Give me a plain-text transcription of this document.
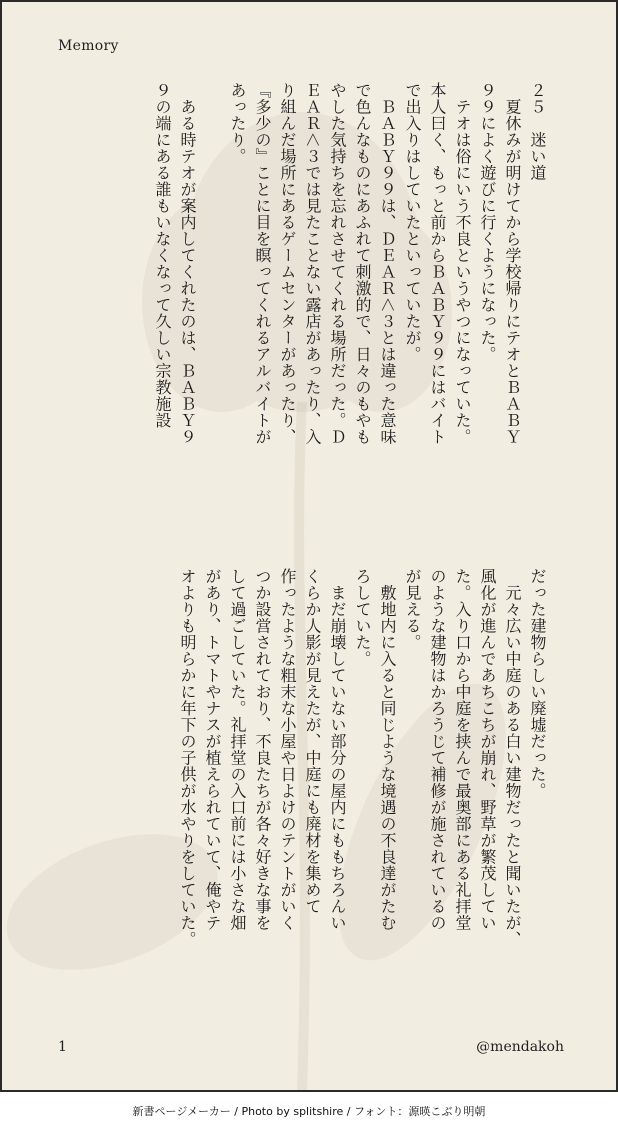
Memory
２５　迷い道
　夏休みが明けてから学校帰りにテオとＢＡＢＹ
９９によく遊びに行くようになった。
　テオは俗にいう不良というやつになっていた。
本人曰く、もっと前からＢＡＢＹ９９にはバイト
で出入りはしていたといっていたが。
　ＢＡＢＹ９９は、ＤＥＡＲ＜３とは違った意味
で色んなものにあふれて刺激的で、日々のもやも
やした気持ちを忘れさせてくれる場所だった。Ｄ
ＥＡＲ＜３では見たことない露店があったり、入
り組んだ場所にあるゲームセンターがあったり、
『多少の』ことに目を瞑ってくれるアルバイトが
あったり。

　ある時テオが案内してくれたのは、ＢＡＢＹ９
９の端にある誰もいなくなって久しい宗教施設
だった建物らしい廃墟だった。
　元々広い中庭のある白い建物だったと聞いたが、
風化が進んであちこちが崩れ、野草が繁茂してい
た。入り口から中庭を挟んで最奥部にある礼拝堂
のような建物はかろうじて補修が施されているの
が見える。
　敷地内に入ると同じような境遇の不良達がたむ
ろしていた。
　まだ崩壊していない部分の屋内にももちろんい
くらか人影が見えたが、中庭にも廃材を集めて
作ったような粗末な小屋や日よけのテントがいく
つか設営されており、不良たちが各々好きな事を
して過ごしていた。礼拝堂の入口前には小さな畑
があり、トマトやナスが植えられていて、俺やテ
オよりも明らかに年下の子供が水やりをしていた。
1	@mendakoh
新書ページメーカー / Photo by splitshire / フォント：源暎こぶり明朝
